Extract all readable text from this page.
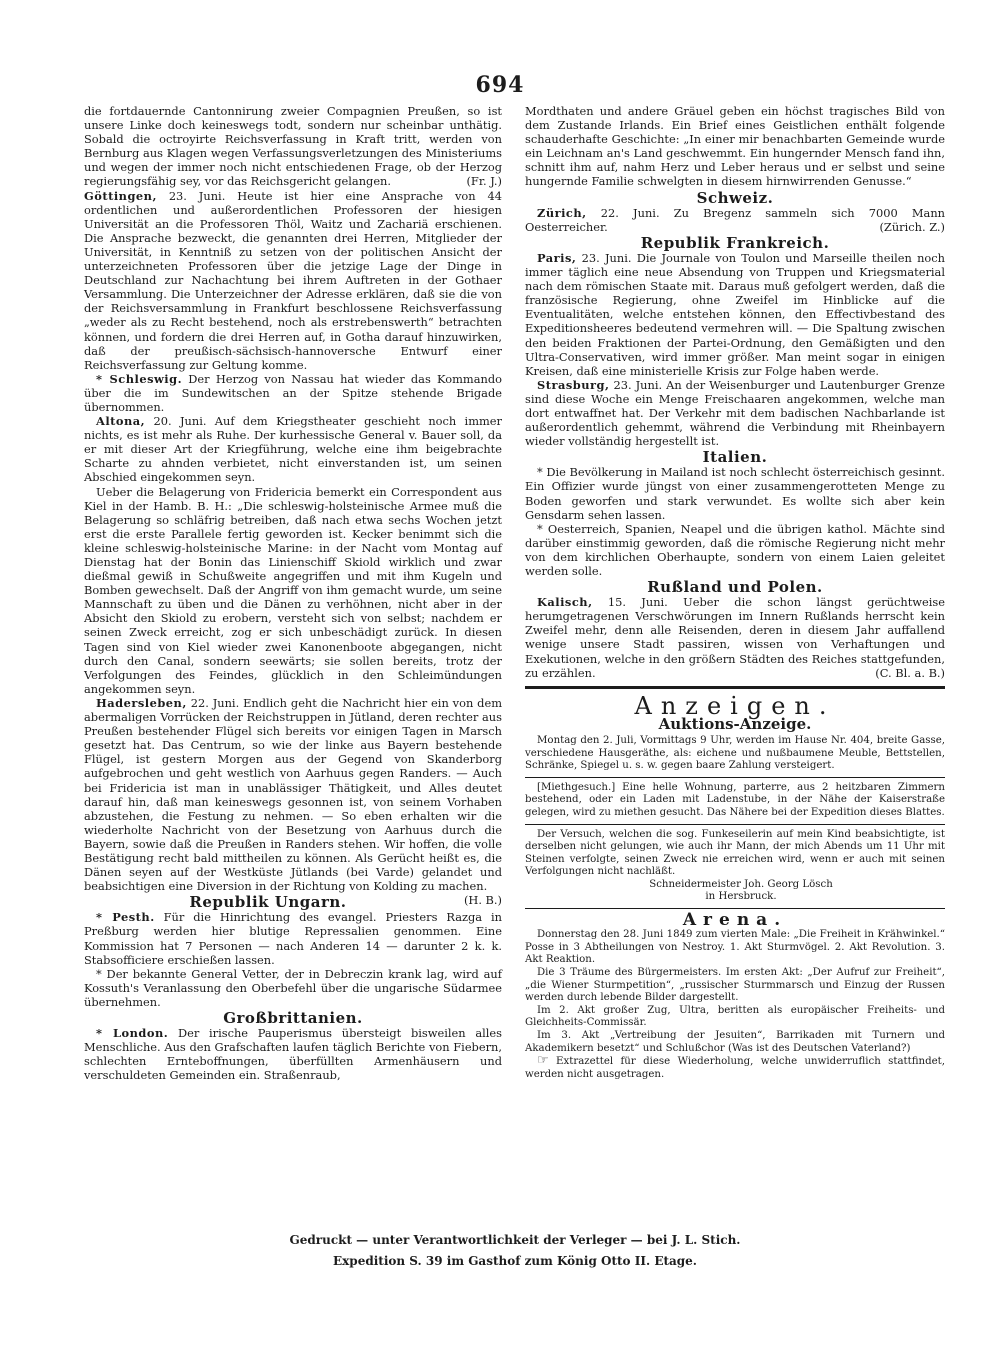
694

die fortdauernde Cantonnirung zweier Compagnien Preußen, so ist unsere Linke doch keineswegs todt, sondern nur scheinbar unthätig. Sobald die octroyirte Reichsverfassung in Kraft tritt, werden von Bernburg aus Klagen wegen Verfassungsverletzungen des Ministeriums und wegen der immer noch nicht entschiedenen Frage, ob der Herzog regierungsfähig sey, vor das Reichsgericht gelangen.	(Fr. J.)

Göttingen, 23. Juni. Heute ist hier eine Ansprache von 44 ordentlichen und außerordentlichen Professoren der hiesigen Universität an die Professoren Thöl, Waitz und Zachariä erschienen. Die Ansprache bezweckt, die genannten drei Herren, Mitglieder der Universität, in Kenntniß zu setzen von der politischen Ansicht der unterzeichneten Professoren über die jetzige Lage der Dinge in Deutschland zur Nachachtung bei ihrem Auftreten in der Gothaer Versammlung. Die Unterzeichner der Adresse erklären, daß sie die von der Reichsversammlung in Frankfurt beschlossene Reichsverfassung „weder als zu Recht bestehend, noch als erstrebenswerth“ betrachten können, und fordern die drei Herren auf, in Gotha darauf hinzuwirken, daß der preußisch-sächsisch-hannoversche Entwurf einer Reichsverfassung zur Geltung komme.

* Schleswig. Der Herzog von Nassau hat wieder das Kommando über die im Sundewitschen an der Spitze stehende Brigade übernommen.

Altona, 20. Juni. Auf dem Kriegstheater geschieht noch immer nichts, es ist mehr als Ruhe. Der kurhessische General v. Bauer soll, da er mit dieser Art der Kriegführung, welche eine ihm beigebrachte Scharte zu ahnden verbietet, nicht einverstanden ist, um seinen Abschied eingekommen seyn.

Ueber die Belagerung von Fridericia bemerkt ein Correspondent aus Kiel in der Hamb. B. H.: „Die schleswig-holsteinische Armee muß die Belagerung so schläfrig betreiben, daß nach etwa sechs Wochen jetzt erst die erste Parallele fertig geworden ist. Kecker benimmt sich die kleine schleswig-holsteinische Marine: in der Nacht vom Montag auf Dienstag hat der Bonin das Linienschiff Skiold wirklich und zwar dießmal gewiß in Schußweite angegriffen und mit ihm Kugeln und Bomben gewechselt. Daß der Angriff von ihm gemacht wurde, um seine Mannschaft zu üben und die Dänen zu verhöhnen, nicht aber in der Absicht den Skiold zu erobern, versteht sich von selbst; nachdem er seinen Zweck erreicht, zog er sich unbeschädigt zurück. In diesen Tagen sind von Kiel wieder zwei Kanonenboote abgegangen, nicht durch den Canal, sondern seewärts; sie sollen bereits, trotz der Verfolgungen des Feindes, glücklich in den Schleimündungen angekommen seyn.

Hadersleben, 22. Juni. Endlich geht die Nachricht hier ein von dem abermaligen Vorrücken der Reichstruppen in Jütland, deren rechter aus Preußen bestehender Flügel sich bereits vor einigen Tagen in Marsch gesetzt hat. Das Centrum, so wie der linke aus Bayern bestehende Flügel, ist gestern Morgen aus der Gegend von Skanderborg aufgebrochen und geht westlich von Aarhuus gegen Randers. — Auch bei Fridericia ist man in unablässiger Thätigkeit, und Alles deutet darauf hin, daß man keineswegs gesonnen ist, von seinem Vorhaben abzustehen, die Festung zu nehmen. — So eben erhalten wir die wiederholte Nachricht von der Besetzung von Aarhuus durch die Bayern, sowie daß die Preußen in Randers stehen. Wir hoffen, die volle Bestätigung recht bald mittheilen zu können. Als Gerücht heißt es, die Dänen seyen auf der Westküste Jütlands (bei Varde) gelandet und beabsichtigen eine Diversion in der Richtung von Kolding zu machen.
(H. B.)

Republik Ungarn.

* Pesth. Für die Hinrichtung des evangel. Priesters Razga in Preßburg werden hier blutige Repressalien genommen. Eine Kommission hat 7 Personen — nach Anderen 14 — darunter 2 k. k. Stabsofficiere erschießen lassen.

* Der bekannte General Vetter, der in Debreczin krank lag, wird auf Kossuth's Veranlassung den Oberbefehl über die ungarische Südarmee übernehmen.

Großbrittanien.

* London. Der irische Pauperismus übersteigt bisweilen alles Menschliche. Aus den Grafschaften laufen täglich Berichte von Fiebern, schlechten Ernteboffnungen, überfüllten Armenhäusern und verschuldeten Gemeinden ein. Straßenraub,

Mordthaten und andere Gräuel geben ein höchst tragisches Bild von dem Zustande Irlands. Ein Brief eines Geistlichen enthält folgende schauderhafte Geschichte: „In einer mir benachbarten Gemeinde wurde ein Leichnam an's Land geschwemmt. Ein hungernder Mensch fand ihn, schnitt ihm auf, nahm Herz und Leber heraus und er selbst und seine hungernde Familie schwelgten in diesem hirnwirrenden Genusse.“

Schweiz.

Zürich, 22. Juni. Zu Bregenz sammeln sich 7000 Mann Oesterreicher.	(Zürich. Z.)

Republik Frankreich.

Paris, 23. Juni. Die Journale von Toulon und Marseille theilen noch immer täglich eine neue Absendung von Truppen und Kriegsmaterial nach dem römischen Staate mit. Daraus muß gefolgert werden, daß die französische Regierung, ohne Zweifel im Hinblicke auf die Eventualitäten, welche entstehen können, den Effectivbestand des Expeditionsheeres bedeutend vermehren will. — Die Spaltung zwischen den beiden Fraktionen der Partei-Ordnung, den Gemäßigten und den Ultra-Conservativen, wird immer größer. Man meint sogar in einigen Kreisen, daß eine ministerielle Krisis zur Folge haben werde.

Strasburg, 23. Juni. An der Weisenburger und Lautenburger Grenze sind diese Woche ein Menge Freischaaren angekommen, welche man dort entwaffnet hat. Der Verkehr mit dem badischen Nachbarlande ist außerordentlich gehemmt, während die Verbindung mit Rheinbayern wieder vollständig hergestellt ist.

Italien.

* Die Bevölkerung in Mailand ist noch schlecht österreichisch gesinnt. Ein Offizier wurde jüngst von einer zusammengerotteten Menge zu Boden geworfen und stark verwundet. Es wollte sich aber kein Gensdarm sehen lassen.

* Oesterreich, Spanien, Neapel und die übrigen kathol. Mächte sind darüber einstimmig geworden, daß die römische Regierung nicht mehr von dem kirchlichen Oberhaupte, sondern von einem Laien geleitet werden solle.

Rußland und Polen.

Kalisch, 15. Juni. Ueber die schon längst gerüchtweise herumgetragenen Verschwörungen im Innern Rußlands herrscht kein Zweifel mehr, denn alle Reisenden, deren in diesem Jahr auffallend wenige unsere Stadt passiren, wissen von Verhaftungen und Exekutionen, welche in den größern Städten des Reiches stattgefunden, zu erzählen.	(C. Bl. a. B.)

Anzeigen.
Auktions-Anzeige.

Montag den 2. Juli, Vormittags 9 Uhr, werden im Hause Nr. 404, breite Gasse, verschiedene Hausgeräthe, als: eichene und nußbaumene Meuble, Bettstellen, Schränke, Spiegel u. s. w. gegen baare Zahlung versteigert.

[Miethgesuch.] Eine helle Wohnung, parterre, aus 2 heitzbaren Zimmern bestehend, oder ein Laden mit Ladenstube, in der Nähe der Kaiserstraße gelegen, wird zu miethen gesucht. Das Nähere bei der Expedition dieses Blattes.

Der Versuch, welchen die sog. Funkeseilerin auf mein Kind beabsichtigte, ist derselben nicht gelungen, wie auch ihr Mann, der mich Abends um 11 Uhr mit Steinen verfolgte, seinen Zweck nie erreichen wird, wenn er auch mit seinen Verfolgungen nicht nachläßt.

Schneidermeister Joh. Georg Lösch

in Hersbruck.

Arena.

Donnerstag den 28. Juni 1849 zum vierten Male: „Die Freiheit in Krähwinkel.“ Posse in 3 Abtheilungen von Nestroy. 1. Akt Sturmvögel. 2. Akt Revolution. 3. Akt Reaktion.

Die 3 Träume des Bürgermeisters. Im ersten Akt: „Der Aufruf zur Freiheit“, „die Wiener Sturmpetition“, „russischer Sturmmarsch und Einzug der Russen werden durch lebende Bilder dargestellt.

Im 2. Akt großer Zug, Ultra, beritten als europäischer Freiheits- und Gleichheits-Commissär.

Im 3. Akt „Vertreibung der Jesuiten“, Barrikaden mit Turnern und Akademikern besetzt“ und Schlußchor (Was ist des Deutschen Vaterland?)

☞ Extrazettel für diese Wiederholung, welche unwiderruflich stattfindet, werden nicht ausgetragen.

Gedruckt — unter Verantwortlichkeit der Verleger — bei J. L. Stich.
Expedition S. 39 im Gasthof zum König Otto II. Etage.
